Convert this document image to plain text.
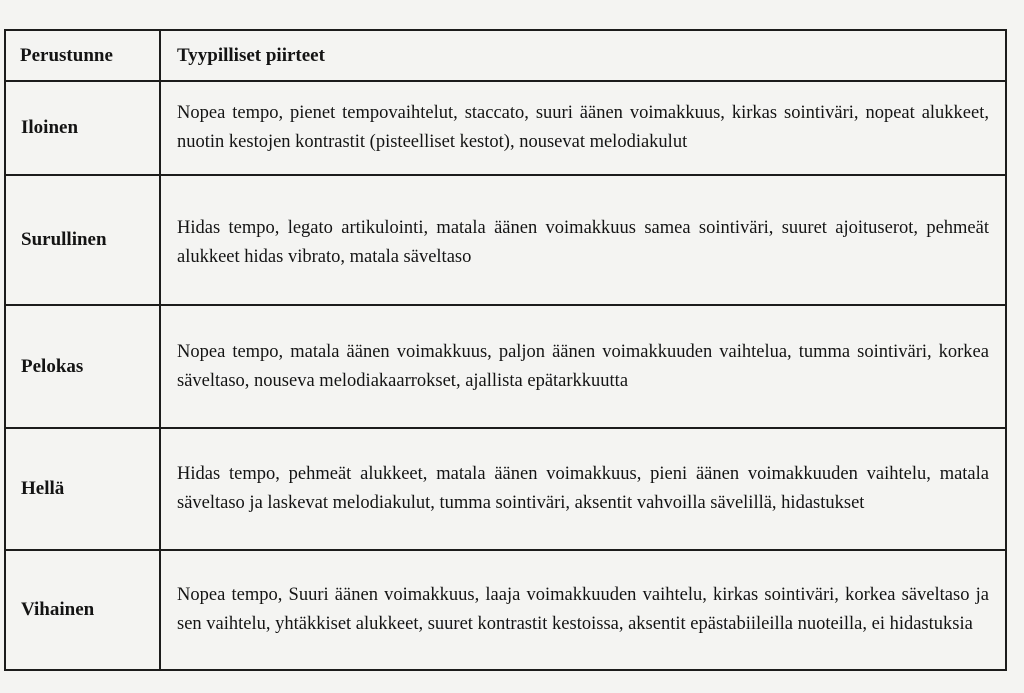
Perustunne	Tyypilliset piirteet
Iloinen	Nopea tempo, pienet tempovaihtelut, staccato, suuri äänen voimakkuus, kirkas sointiväri, nopeat alukkeet, nuotin kestojen kontrastit (pisteelliset kestot), nousevat melodiakulut
Surullinen	Hidas tempo, legato artikulointi, matala äänen voimakkuus samea sointiväri, suuret ajoituserot, pehmeät alukkeet hidas vibrato, matala säveltaso
Pelokas	Nopea tempo, matala äänen voimakkuus, paljon äänen voimakkuuden vaihtelua, tumma sointiväri, korkea säveltaso, nouseva melodiakaarrokset, ajallista epätarkkuutta
Hellä	Hidas tempo, pehmeät alukkeet, matala äänen voimakkuus, pieni äänen voimakkuuden vaihtelu, matala säveltaso ja laskevat melodiakulut, tumma sointiväri, aksentit vahvoilla sävelillä, hidastukset
Vihainen	Nopea tempo, Suuri äänen voimakkuus, laaja voimakkuuden vaihtelu, kirkas sointiväri, korkea säveltaso ja sen vaihtelu, yhtäkkiset alukkeet, suuret kontrastit kestoissa, aksentit epästabiileilla nuoteilla, ei hidastuksia
